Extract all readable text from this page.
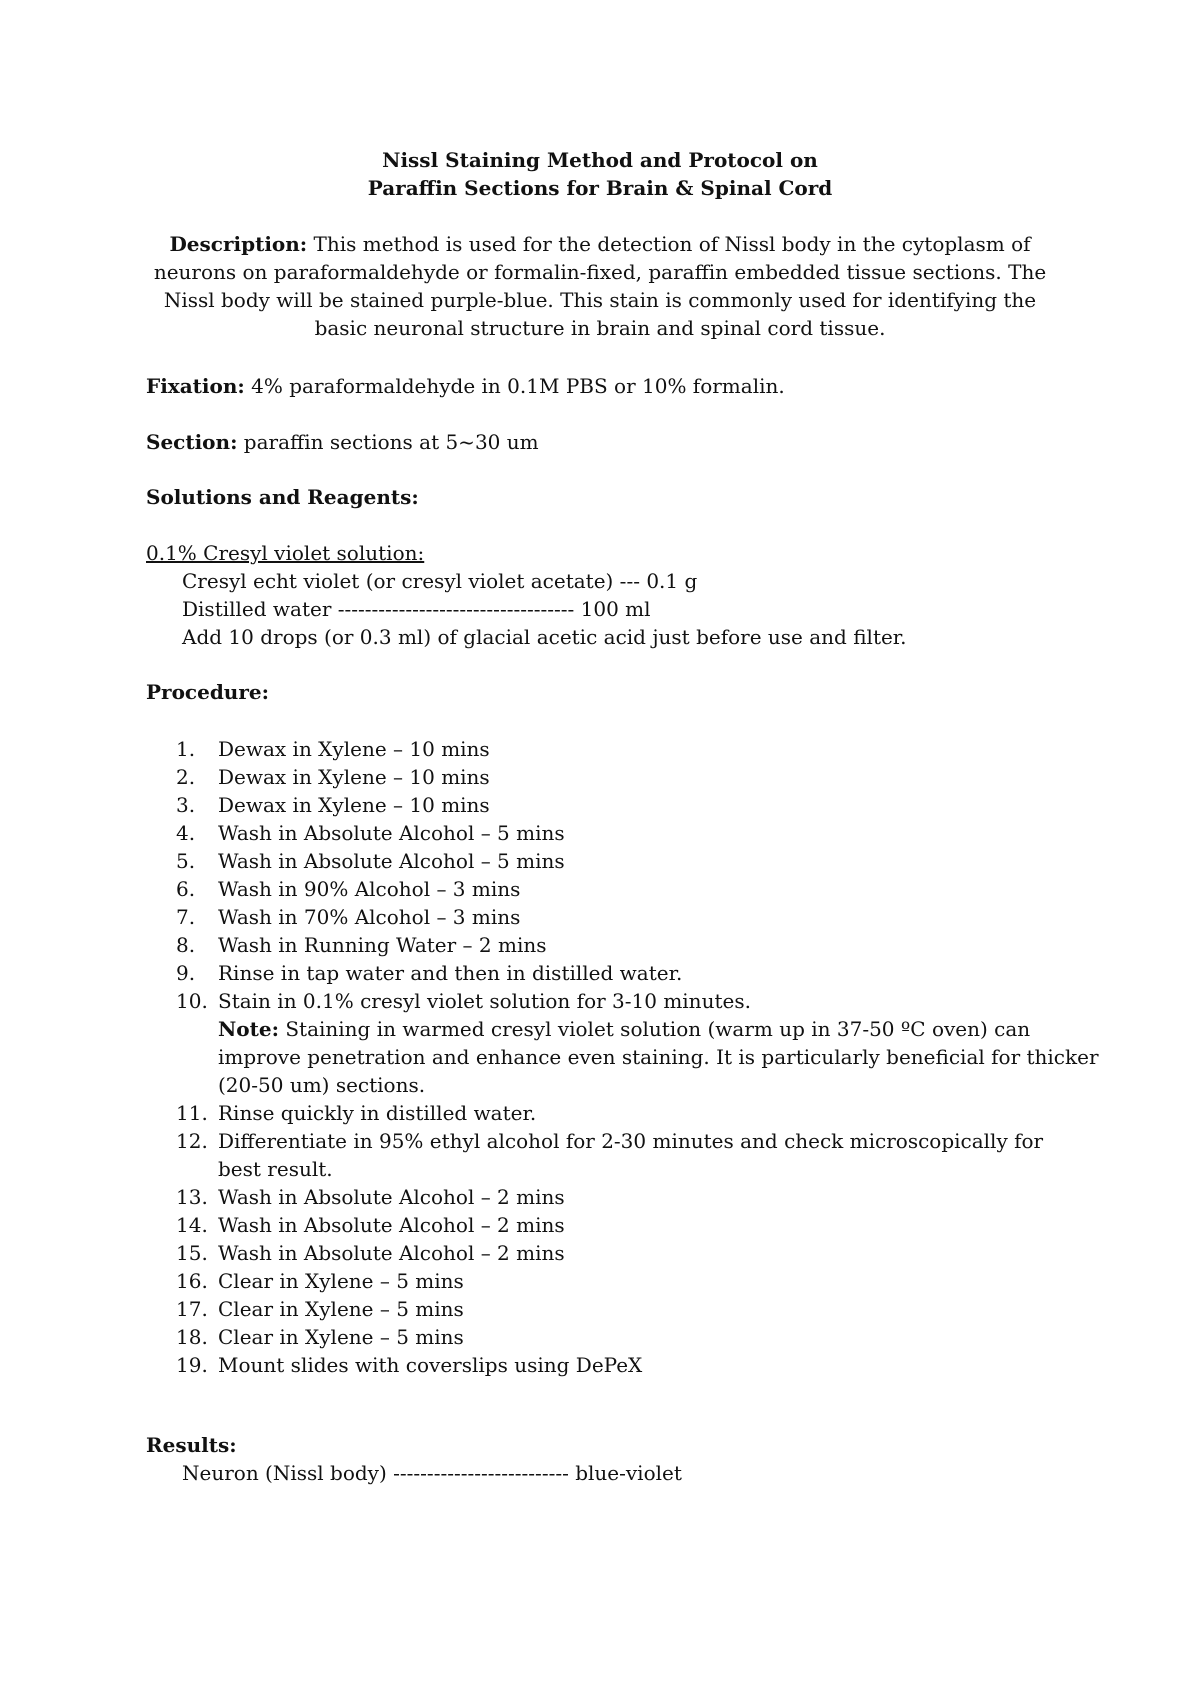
Nissl Staining Method and Protocol on
Paraffin Sections for Brain & Spinal Cord
Description: This method is used for the detection of Nissl body in the cytoplasm of neurons on paraformaldehyde or formalin-fixed, paraffin embedded tissue sections. The Nissl body will be stained purple-blue. This stain is commonly used for identifying the basic neuronal structure in brain and spinal cord tissue.
Fixation: 4% paraformaldehyde in 0.1M PBS or 10% formalin.
Section: paraffin sections at 5~30 um
Solutions and Reagents:
0.1% Cresyl violet solution:
Cresyl echt violet (or cresyl violet acetate) --- 0.1 g
Distilled water ----------------------------------- 100 ml
Add 10 drops (or 0.3 ml) of glacial acetic acid just before use and filter.
Procedure:
1.	Dewax in Xylene – 10 mins
2.	Dewax in Xylene – 10 mins
3.	Dewax in Xylene – 10 mins
4.	Wash in Absolute Alcohol – 5 mins
5.	Wash in Absolute Alcohol – 5 mins
6.	Wash in 90% Alcohol – 3 mins
7.	Wash in 70% Alcohol – 3 mins
8.	Wash in Running Water – 2 mins
9.	Rinse in tap water and then in distilled water.
10. Stain in 0.1% cresyl violet solution for 3-10 minutes.
Note: Staining in warmed cresyl violet solution (warm up in 37-50 ºC oven) can
improve penetration and enhance even staining. It is particularly beneficial for thicker
(20-50 um) sections.
11. Rinse quickly in distilled water.
12. Differentiate in 95% ethyl alcohol for 2-30 minutes and check microscopically for
best result.
13. Wash in Absolute Alcohol – 2 mins
14. Wash in Absolute Alcohol – 2 mins
15. Wash in Absolute Alcohol – 2 mins
16. Clear in Xylene – 5 mins
17. Clear in Xylene – 5 mins
18. Clear in Xylene – 5 mins
19. Mount slides with coverslips using DePeX
Results:
Neuron (Nissl body) -------------------------- blue-violet
